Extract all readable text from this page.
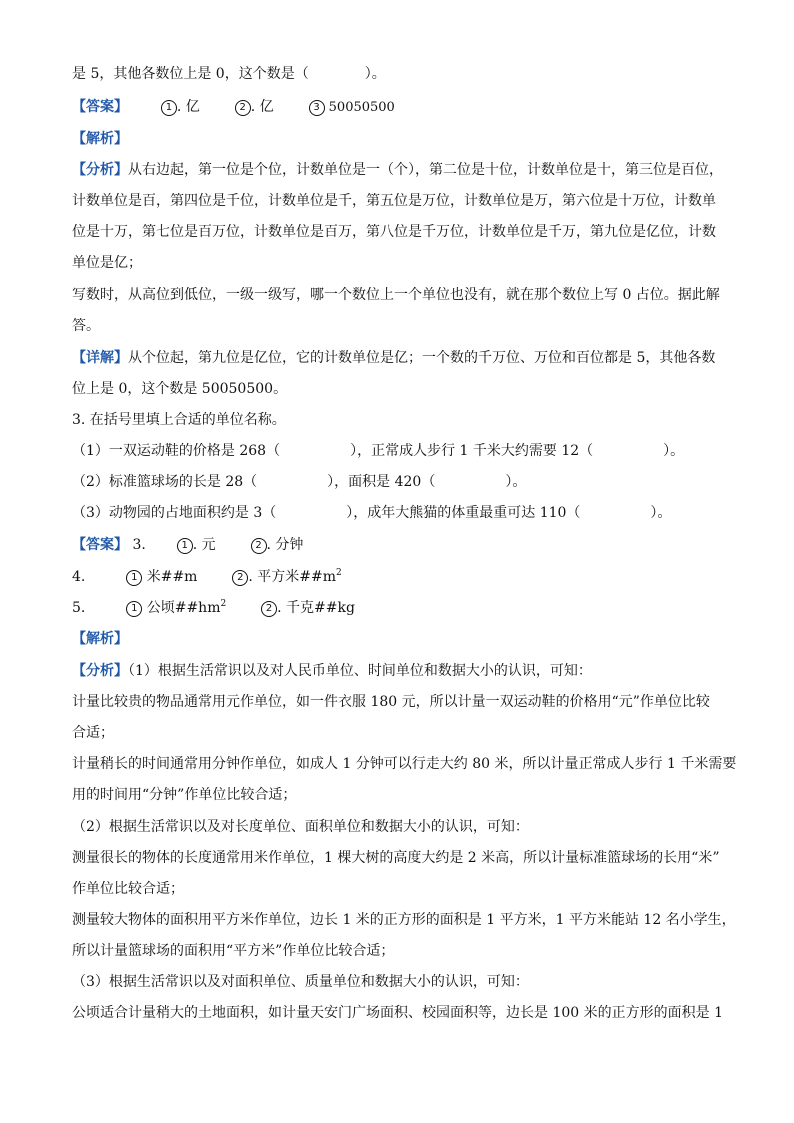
是 5，其他各数位上是 0，这个数是（　　　　）。
【答案】	1 . 亿	2 . 亿	3 50050500
【解析】
【分析】从右边起，第一位是个位，计数单位是一（个），第二位是十位，计数单位是十，第三位是百位，
计数单位是百，第四位是千位，计数单位是千，第五位是万位，计数单位是万，第六位是十万位，计数单
位是十万，第七位是百万位，计数单位是百万，第八位是千万位，计数单位是千万，第九位是亿位，计数
单位是亿；
写数时，从高位到低位，一级一级写，哪一个数位上一个单位也没有，就在那个数位上写 0 占位。据此解
答。
【详解】从个位起，第九位是亿位，它的计数单位是亿；一个数的千万位、万位和百位都是 5，其他各数
位上是 0，这个数是 50050500。
3. 在括号里填上合适的单位名称。
（1）一双运动鞋的价格是 268（　　　　　），正常成人步行 1 千米大约需要 12（　　　　　）。
（2）标准篮球场的长是 28（　　　　　），面积是 420（　　　　　）。
（3）动物园的占地面积约是 3（　　　　　），成年大熊猫的体重最重可达 110（　　　　　）。
【答案】 3.	1 . 元	2 . 分钟
4.	1 米##m	2 . 平方米$\#\#m^2$
5.	1 公顷$\#\#hm^2$	2 . 千克##kg
【解析】
【分析】（1）根据生活常识以及对人民币单位、时间单位和数据大小的认识，可知：
计量比较贵的物品通常用元作单位，如一件衣服 180 元，所以计量一双运动鞋的价格用“元”作单位比较
合适；
计量稍长的时间通常用分钟作单位，如成人 1 分钟可以行走大约 80 米，所以计量正常成人步行 1 千米需要
用的时间用“分钟”作单位比较合适；
（2）根据生活常识以及对长度单位、面积单位和数据大小的认识，可知：
测量很长的物体的长度通常用米作单位，1 棵大树的高度大约是 2 米高，所以计量标准篮球场的长用“米”
作单位比较合适；
测量较大物体的面积用平方米作单位，边长 1 米的正方形的面积是 1 平方米，1 平方米能站 12 名小学生，
所以计量篮球场的面积用“平方米”作单位比较合适；
（3）根据生活常识以及对面积单位、质量单位和数据大小的认识，可知：
公顷适合计量稍大的土地面积，如计量天安门广场面积、校园面积等，边长是 100 米的正方形的面积是 1
